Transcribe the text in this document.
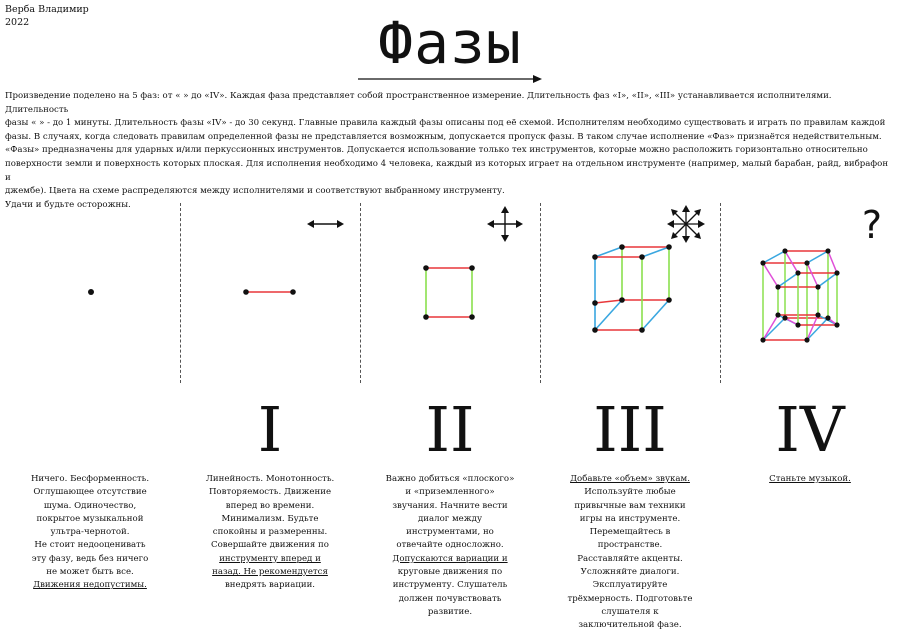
Верба Владимир
2022	Фазы
Произведение поделено на 5 фаз: от « » до «IV». Каждая фаза представляет собой пространственное измерение. Длительность фаз «I», «II», «III» устанавливается исполнителями. Длительность
фазы « » - до 1 минуты. Длительность фазы «IV» - до 30 секунд. Главные правила каждый фазы описаны под её схемой. Исполнителям необходимо существовать и играть по правилам каждой
фазы. В случаях, когда следовать правилам определенной фазы не представляется возможным, допускается пропуск фазы. В таком случае исполнение «Фаз» признаётся недействительным.
«Фазы» предназначены для ударных и/или перкуссионных инструментов. Допускается использование только тех инструментов, которые можно расположить горизонтально относительно
поверхности земли и поверхность которых плоская. Для исполнения необходимо 4 человека, каждый из которых играет на отдельном инструменте (например, малый барабан, райд, вибрафон и
джембе). Цвета на схеме распределяются между исполнителями и соответствуют выбранному инструменту.
Удачи и будьте осторожны.	?
I	II	III	IV
Ничего. Бесформенность.
Оглушающее отсутствие
шума. Одиночество,
покрытое музыкальной
ультра-чернотой.
Не стоит недооценивать
эту фазу, ведь без ничего
не может быть все.
Движения недопустимы.
Линейность. Монотонность.
Повторяемость. Движение
вперед во времени.
Минимализм. Будьте
спокойны и размеренны.
Совершайте движения по
инструменту вперед и
назад. Не рекомендуется
внедрять вариации.
Важно добиться «плоского»
и «приземленного»
звучания. Начните вести
диалог между
инструментами, но
отвечайте односложно.
Допускаются вариации и
круговые движения по
инструменту. Слушатель
должен почувствовать
развитие.
Добавьте «объем» звукам.
Используйте любые
привычные вам техники
игры на инструменте.
Перемещайтесь в
пространстве.
Расставляйте акценты.
Усложняйте диалоги.
Эксплуатируйте
трёхмерность. Подготовьте
слушателя к
заключительной фазе.
Станьте музыкой.
